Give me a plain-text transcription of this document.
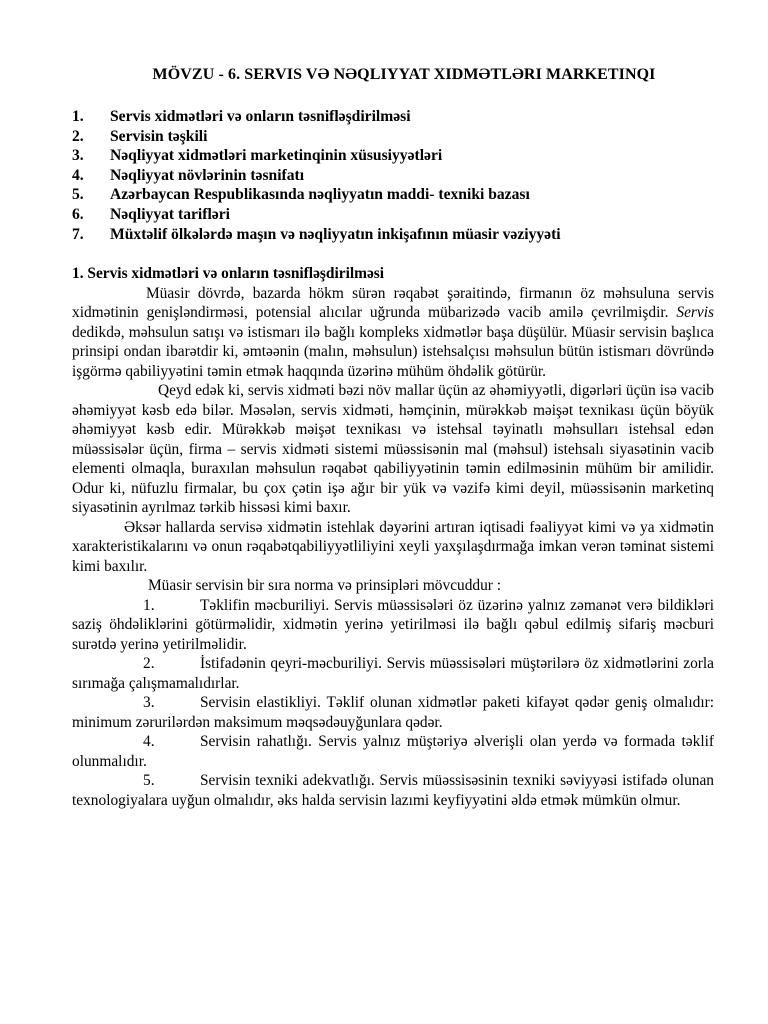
MÖVZU - 6. SERVIS VƏ NƏQLIYYAT XIDMƏTLƏRI MARKETINQI
1. Servis xidmətləri və onların təsnifləşdirilməsi
2. Servisin təşkili
3. Nəqliyyat xidmətləri marketinqinin xüsusiyyətləri
4. Nəqliyyat növlərinin təsnifatı
5. Azərbaycan Respublikasında nəqliyyatın maddi- texniki bazası
6. Nəqliyyat tarifləri
7. Müxtəlif ölkələrdə maşın və nəqliyyatın inkişafının müasir vəziyyəti
1. Servis xidmətləri və onların təsnifləşdirilməsi

Müasir dövrdə, bazarda hökm sürən rəqabət şəraitində, firmanın öz məhsuluna servis xidmətinin genişləndirməsi, potensial alıcılar uğrunda mübarizədə vacib amilə çevrilmişdir. Servis dedikdə, məhsulun satışı və istismarı ilə bağlı kompleks xidmətlər başa düşülür. Müasir servisin başlıca prinsipi ondan ibarətdir ki, əmtəənin (malın, məhsulun) istehsalçısı məhsulun bütün istismarı dövründə işgörmə qabiliyyətini təmin etmək haqqında üzərinə mühüm öhdəlik götürür.

Qeyd edək ki, servis xidməti bəzi növ mallar üçün az əhəmiyyətli, digərləri üçün isə vacib əhəmiyyət kəsb edə bilər. Məsələn, servis xidməti, həmçinin, mürəkkəb məişət texnikası üçün böyük əhəmiyyət kəsb edir. Mürəkkəb məişət texnikası və istehsal təyinatlı məhsulları istehsal edən müəssisələr üçün, firma – servis xidməti sistemi müəssisənin mal (məhsul) istehsalı siyasətinin vacib elementi olmaqla, buraxılan məhsulun rəqabət qabiliyyətinin təmin edilməsinin mühüm bir amilidir. Odur ki, nüfuzlu firmalar, bu çox çətin işə ağır bir yük və vəzifə kimi deyil, müəssisənin marketinq siyasətinin ayrılmaz tərkib hissəsi kimi baxır.

Əksər hallarda servisə xidmətin istehlak dəyərini artıran iqtisadi fəaliyyət kimi və ya xidmətin xarakteristikalarını və onun rəqabətqabiliyyətliliyini xeyli yaxşılaşdırmağa imkan verən təminat sistemi kimi baxılır.

Müasir servisin bir sıra norma və prinsipləri mövcuddur :

1.	Təklifin məcburiliyi. Servis müəssisələri öz üzərinə yalnız zəmanət verə bildikləri saziş öhdəliklərini götürməlidir, xidmətin yerinə yetirilməsi ilə bağlı qəbul edilmiş sifariş məcburi surətdə yerinə yetirilməlidir.

2.	İstifadənin qeyri-məcburiliyi. Servis müəssisələri müştərilərə öz xidmətlərini zorla sırımağa çalışmamalıdırlar.

3.	Servisin elastikliyi. Təklif olunan xidmətlər paketi kifayət qədər geniş olmalıdır: minimum zərurilərdən maksimum məqsədəuyğunlara qədər.

4.	Servisin rahatlığı. Servis yalnız müştəriyə əlverişli olan yerdə və formada təklif olunmalıdır.

5.	Servisin texniki adekvatlığı. Servis müəssisəsinin texniki səviyyəsi istifadə olunan texnologiyalara uyğun olmalıdır, əks halda servisin lazımi keyfiyyətini əldə etmək mümkün olmur.
